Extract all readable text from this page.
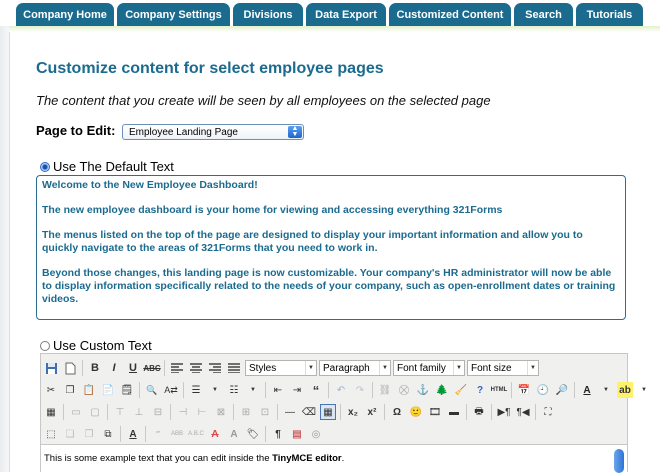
Company Home	Company Settings	Divisions	Data Export	Customized Content	Search	Tutorials
Customize content for select employee pages
The content that you create will be seen by all employees on the selected page
Page to Edit: Employee Landing Page	▲
▼
Use The Default Text

Welcome to the New Employee Dashboard!

The new employee dashboard is your home for viewing and accessing everything 321Forms

The menus listed on the top of the page are designed to display your important information and allow you to quickly navigate to the areas of 321Forms that you need to work in.

Beyond those changes, this landing page is now customizable. Your company's HR administrator will now be able to display information specifically related to the needs of your company, such as open-enrollment dates or training videos.

Use Custom Text
B	I	U ABC	Styles	▼ Paragraph	▼ Font family	▼ Font size	▼
✂	❐ 📋 📄 🗒 🔍 A⇄	☰	▼	☷	▼	⇤	⇥ “	↶	↷	⛓ ⛒ ⚓ 🌲 🧹 ?	HTML 📅 🕘 🔎	A	▼	ab	▼
▦	▭ ▢	⊤	⊥	⊟	⊣	⊢	⊠	⊞	⊡	— ⌫ ▦	x₂ x²	Ω 🙂 🎞 ▬	🖶	▶¶ ¶◀	⛶
⬚ ❏	❐	⧉	A	“”	ABB A.B.C A	A 🏷	¶	▤ ◎
This is some example text that you can edit inside the TinyMCE editor.
